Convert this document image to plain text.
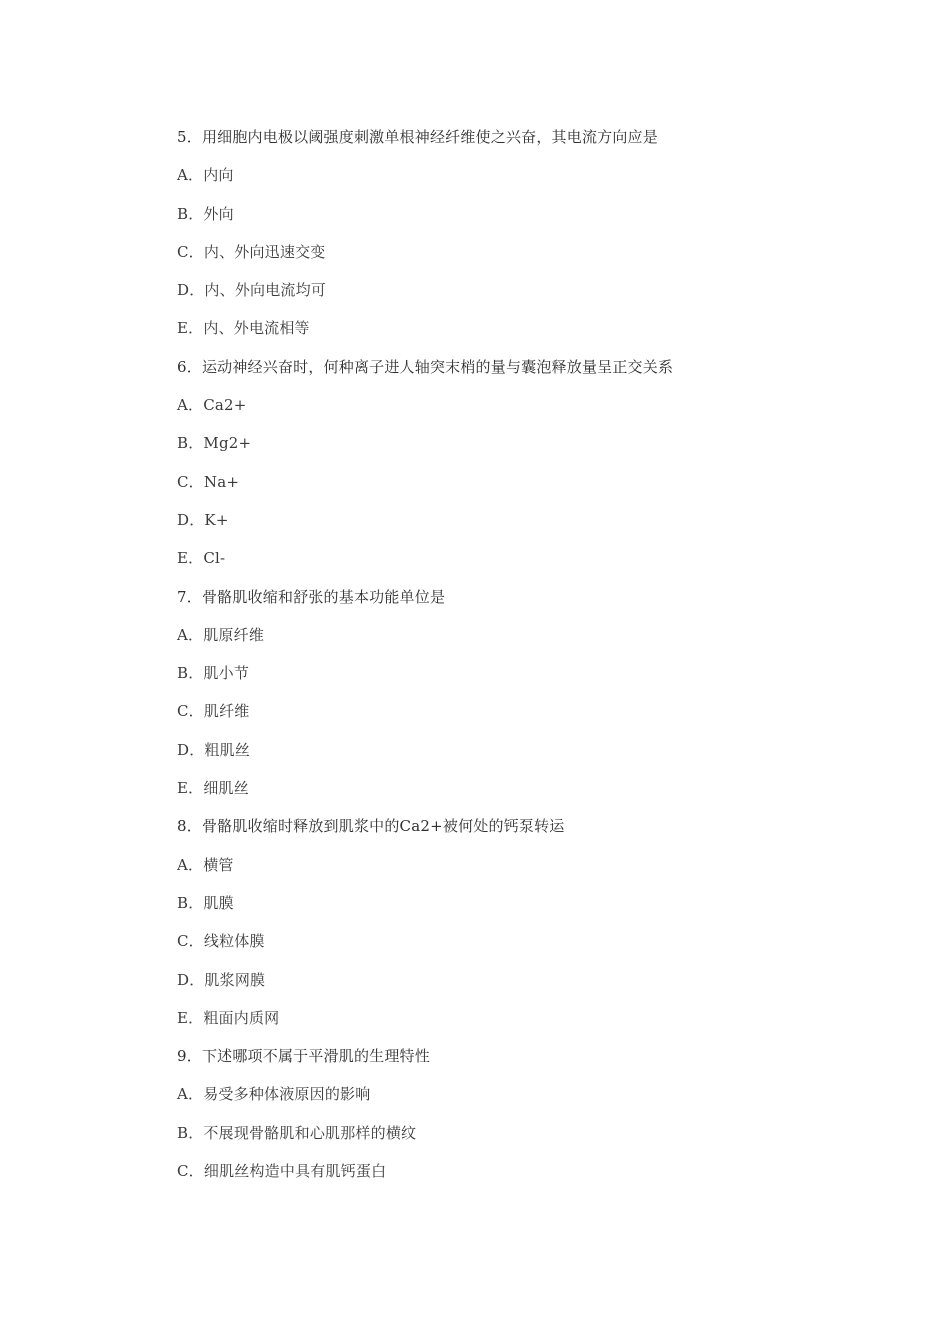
5．用细胞内电极以阈强度刺激单根神经纤维使之兴奋，其电流方向应是
A．内向
B．外向
C．内、外向迅速交变
D．内、外向电流均可
E．内、外电流相等
6．运动神经兴奋时，何种离子进人轴突末梢的量与囊泡释放量呈正交关系
A．Ca2+
B．Mg2+
C．Na+
D．K+
E．Cl-
7．骨骼肌收缩和舒张的基本功能单位是
A．肌原纤维
B．肌小节
C．肌纤维
D．粗肌丝
E．细肌丝
8．骨骼肌收缩时释放到肌浆中的Ca2+被何处的钙泵转运
A．横管
B．肌膜
C．线粒体膜
D．肌浆网膜
E．粗面内质网
9．下述哪项不属于平滑肌的生理特性
A．易受多种体液原因的影响
B．不展现骨骼肌和心肌那样的横纹
C．细肌丝构造中具有肌钙蛋白
